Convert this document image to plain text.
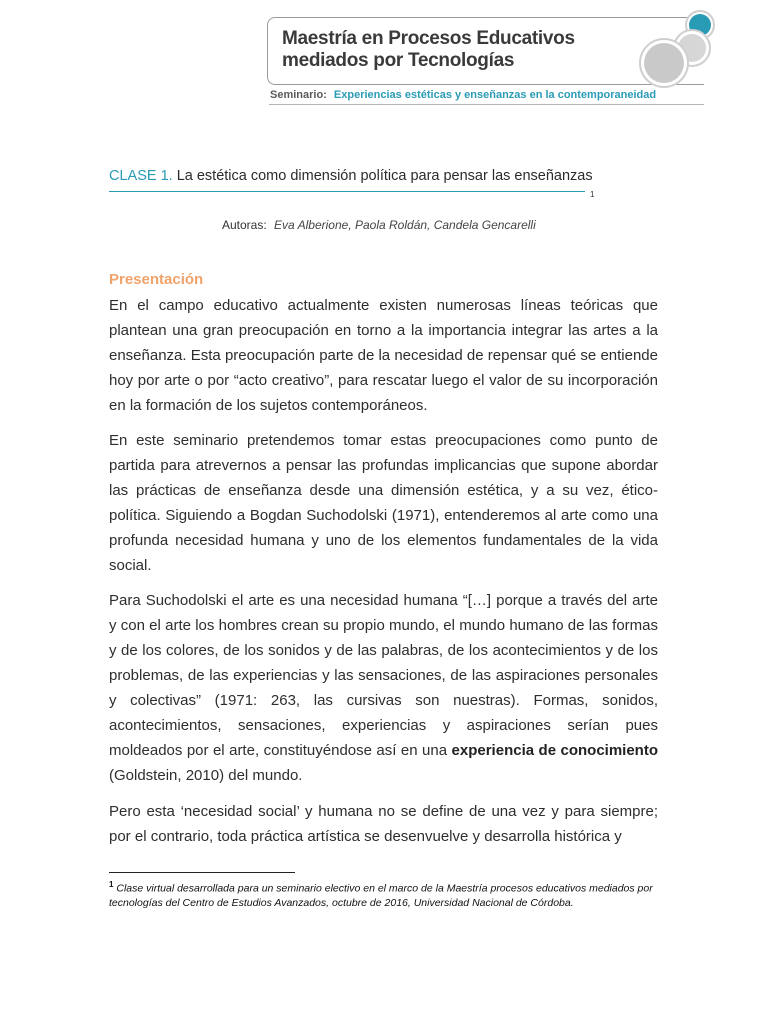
Maestría en Procesos Educativos
mediados por Tecnologías
Seminario: Experiencias estéticas y enseñanzas en la contemporaneidad
CLASE 1. La estética como dimensión política para pensar las enseñanzas
1
Autoras: Eva Alberione, Paola Roldán, Candela Gencarelli
Presentación

En el campo educativo actualmente existen numerosas líneas teóricas que plantean una gran preocupación en torno a la importancia integrar las artes a la enseñanza. Esta preocupación parte de la necesidad de repensar qué se entiende hoy por arte o por “acto creativo”, para rescatar luego el valor de su incorporación en la formación de los sujetos contemporáneos.

En este seminario pretendemos tomar estas preocupaciones como punto de partida para atrevernos a pensar las profundas implicancias que supone abordar las prácticas de enseñanza desde una dimensión estética, y a su vez, ético-política. Siguiendo a Bogdan Suchodolski (1971), entenderemos al arte como una profunda necesidad humana y uno de los elementos fundamentales de la vida social.

Para Suchodolski el arte es una necesidad humana “[…] porque a través del arte y con el arte los hombres crean su propio mundo, el mundo humano de las formas y de los colores, de los sonidos y de las palabras, de los acontecimientos y de los problemas, de las experiencias y las sensaciones, de las aspiraciones personales y colectivas” (1971: 263, las cursivas son nuestras). Formas, sonidos, acontecimientos, sensaciones, experiencias y aspiraciones serían pues moldeados por el arte, constituyéndose así en una experiencia de conocimiento (Goldstein, 2010) del mundo.

Pero esta ‘necesidad social’ y humana no se define de una vez y para siempre; por el contrario, toda práctica artística se desenvuelve y desarrolla histórica y

$^1$ Clase virtual desarrollada para un seminario electivo en el marco de la Maestría procesos educativos mediados por tecnologías del Centro de Estudios Avanzados, octubre de 2016, Universidad Nacional de Córdoba.
